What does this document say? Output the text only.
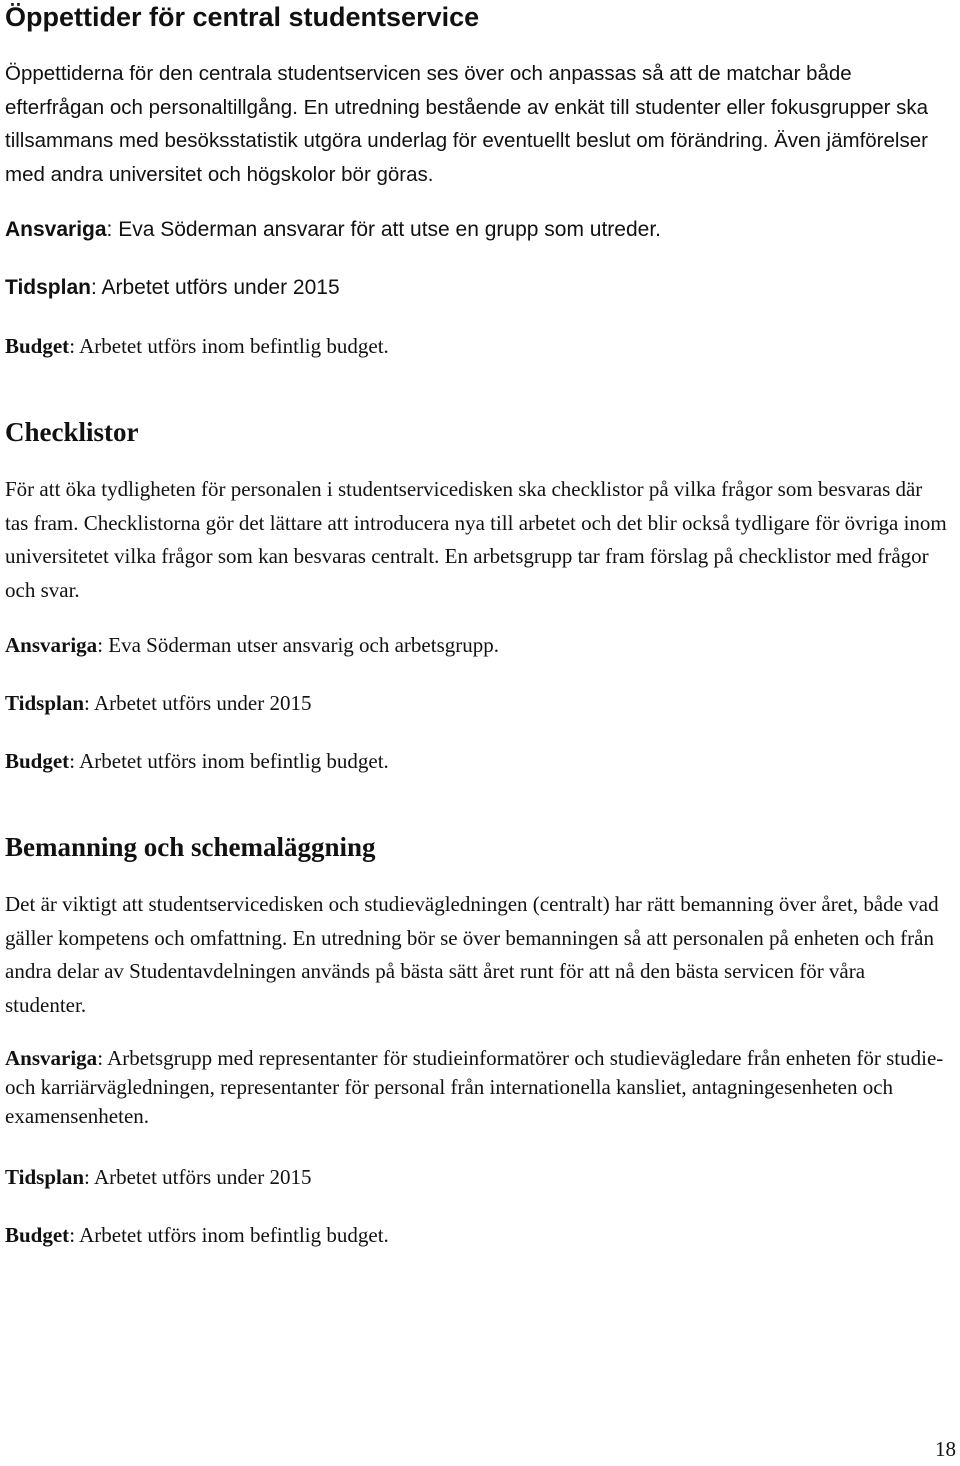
Öppettider för central studentservice

Öppettiderna för den centrala studentservicen ses över och anpassas så att de matchar både efterfrågan och personaltillgång. En utredning bestående av enkät till studenter eller fokusgrupper ska tillsammans med besöksstatistik utgöra underlag för eventuellt beslut om förändring. Även jämförelser med andra universitet och högskolor bör göras.

Ansvariga: Eva Söderman ansvarar för att utse en grupp som utreder.
Tidsplan: Arbetet utförs under 2015
Budget: Arbetet utförs inom befintlig budget.
Checklistor

För att öka tydligheten för personalen i studentservicedisken ska checklistor på vilka frågor som besvaras där tas fram. Checklistorna gör det lättare att introducera nya till arbetet och det blir också tydligare för övriga inom universitetet vilka frågor som kan besvaras centralt. En arbetsgrupp tar fram förslag på checklistor med frågor och svar.

Ansvariga: Eva Söderman utser ansvarig och arbetsgrupp.
Tidsplan: Arbetet utförs under 2015
Budget: Arbetet utförs inom befintlig budget.
Bemanning och schemaläggning

Det är viktigt att studentservicedisken och studievägledningen (centralt) har rätt bemanning över året, både vad gäller kompetens och omfattning. En utredning bör se över bemanningen så att personalen på enheten och från andra delar av Studentavdelningen används på bästa sätt året runt för att nå den bästa servicen för våra studenter.

Ansvariga: Arbetsgrupp med representanter för studieinformatörer och studievägledare från enheten för studie- och karriärvägledningen, representanter för personal från internationella kansliet, antagningesenheten och examensenheten.
Tidsplan: Arbetet utförs under 2015
Budget: Arbetet utförs inom befintlig budget.
18
